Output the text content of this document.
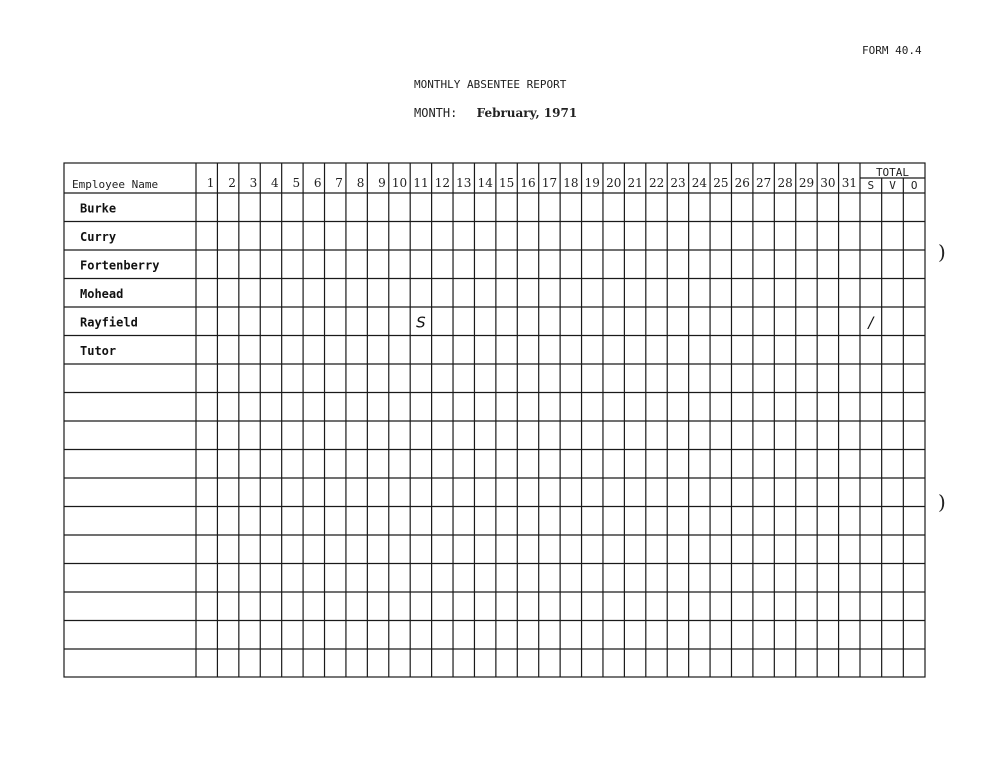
FORM 40.4
MONTHLY ABSENTEE REPORT
MONTH: February, 1971
Employee Name	1 2 3 4 5 6 7 8 9 10 11 12 13 14 15 16 17 18 19 20 21 22 23 24 25 26 27 28 29 30 31
TOTAL
S V O
Burke
Curry
Fortenberry
Mohead
Rayfield
Tutor
S	/
)
)
